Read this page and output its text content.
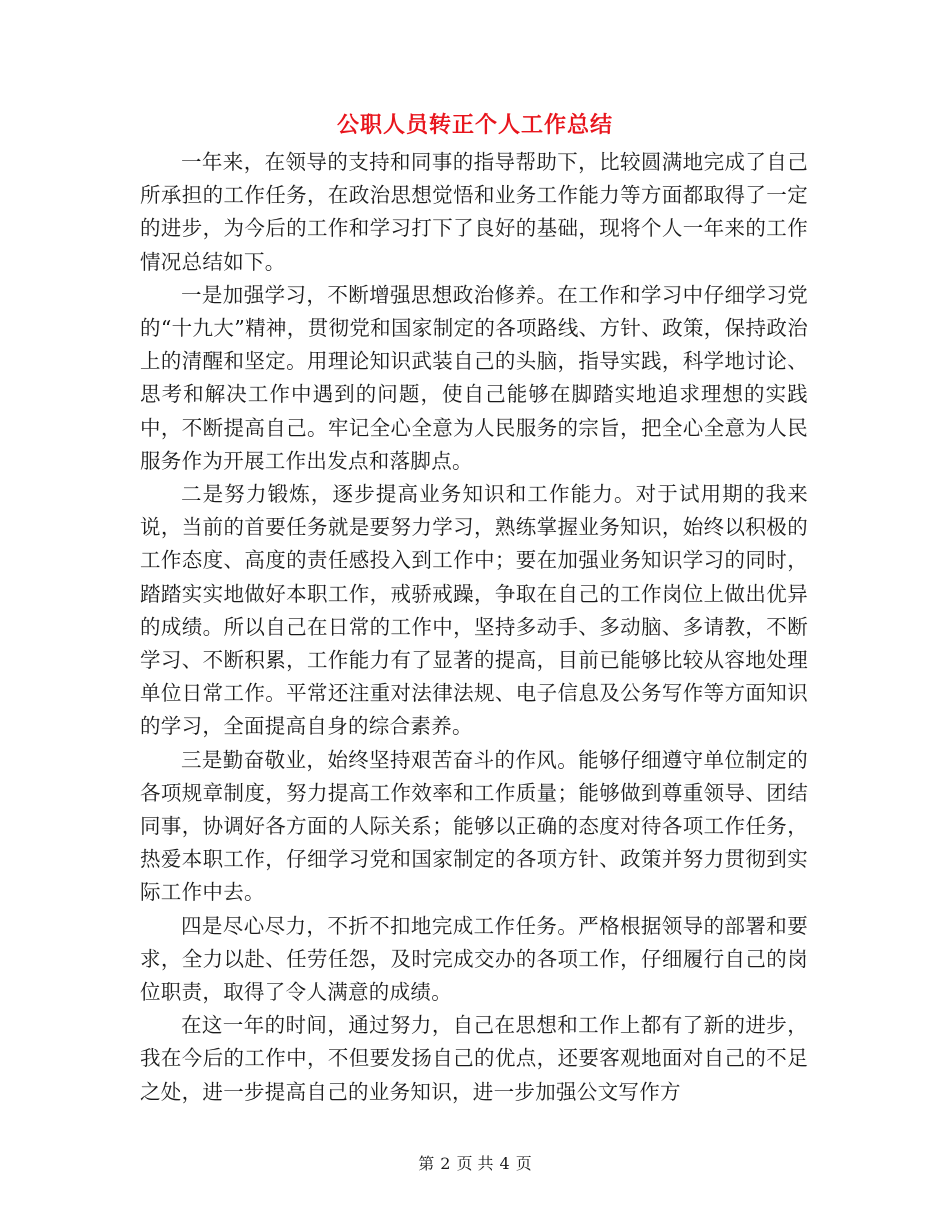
公职人员转正个人工作总结

一年来，在领导的支持和同事的指导帮助下，比较圆满地完成了自己所承担的工作任务，在政治思想觉悟和业务工作能力等方面都取得了一定的进步，为今后的工作和学习打下了良好的基础，现将个人一年来的工作情况总结如下。

一是加强学习，不断增强思想政治修养。在工作和学习中仔细学习党的“十九大”精神，贯彻党和国家制定的各项路线、方针、政策，保持政治上的清醒和坚定。用理论知识武装自己的头脑，指导实践，科学地讨论、思考和解决工作中遇到的问题，使自己能够在脚踏实地追求理想的实践中，不断提高自己。牢记全心全意为人民服务的宗旨，把全心全意为人民服务作为开展工作出发点和落脚点。

二是努力锻炼，逐步提高业务知识和工作能力。对于试用期的我来说，当前的首要任务就是要努力学习，熟练掌握业务知识，始终以积极的工作态度、高度的责任感投入到工作中；要在加强业务知识学习的同时，踏踏实实地做好本职工作，戒骄戒躁，争取在自己的工作岗位上做出优异的成绩。所以自己在日常的工作中，坚持多动手、多动脑、多请教，不断学习、不断积累，工作能力有了显著的提高，目前已能够比较从容地处理单位日常工作。平常还注重对法律法规、电子信息及公务写作等方面知识的学习，全面提高自身的综合素养。

三是勤奋敬业，始终坚持艰苦奋斗的作风。能够仔细遵守单位制定的各项规章制度，努力提高工作效率和工作质量；能够做到尊重领导、团结同事，协调好各方面的人际关系；能够以正确的态度对待各项工作任务，热爱本职工作，仔细学习党和国家制定的各项方针、政策并努力贯彻到实际工作中去。

四是尽心尽力，不折不扣地完成工作任务。严格根据领导的部署和要求，全力以赴、任劳任怨，及时完成交办的各项工作，仔细履行自己的岗位职责，取得了令人满意的成绩。

在这一年的时间，通过努力，自己在思想和工作上都有了新的进步，我在今后的工作中，不但要发扬自己的优点，还要客观地面对自己的不足之处，进一步提高自己的业务知识，进一步加强公文写作方

第 2 页 共 4 页
